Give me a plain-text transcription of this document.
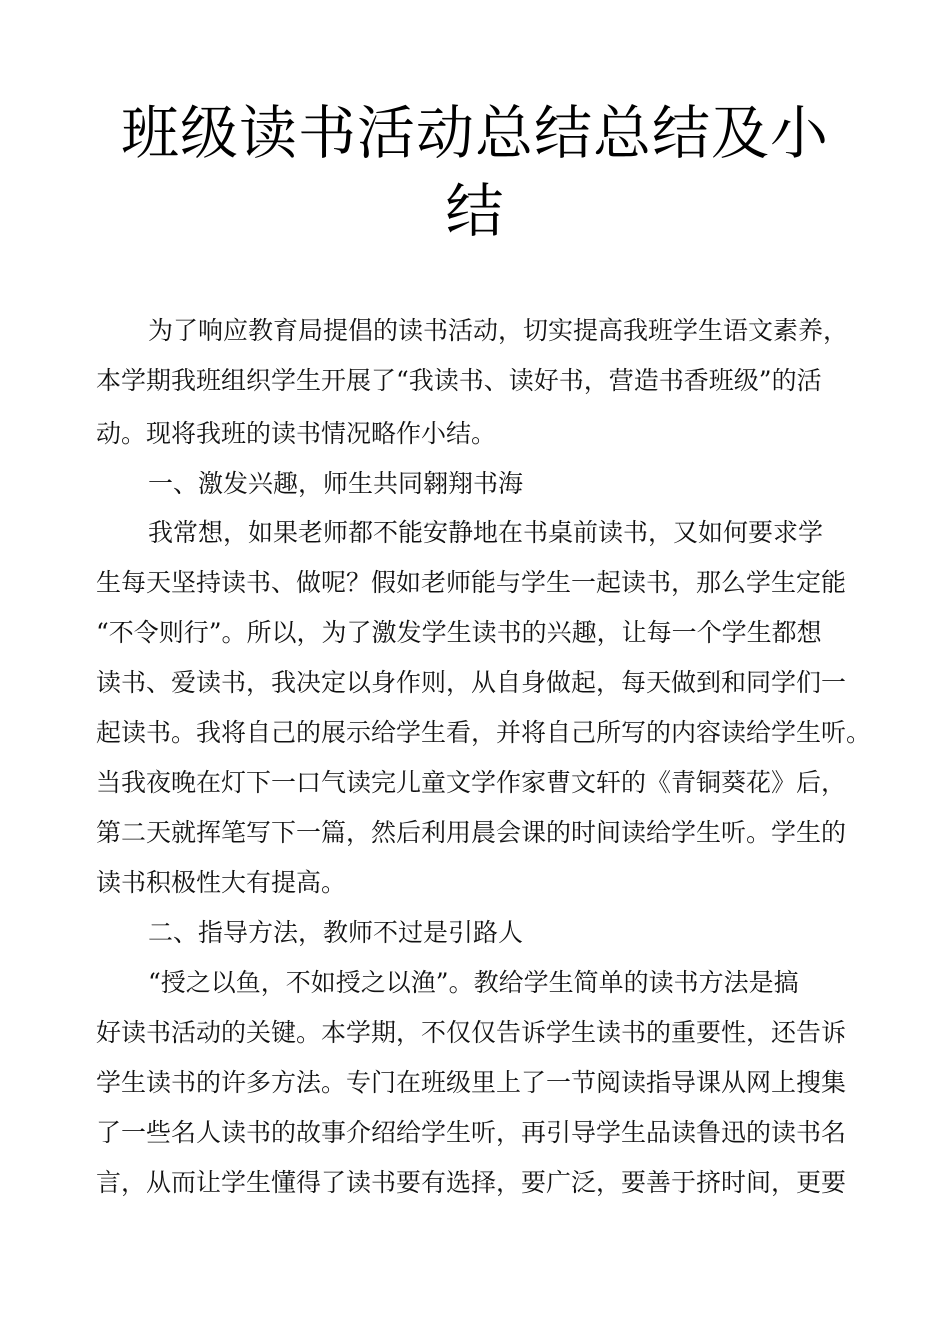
班级读书活动总结总结及小
结

为了响应教育局提倡的读书活动，切实提高我班学生语文素养，

本学期我班组织学生开展了“我读书、读好书，营造书香班级”的活

动。现将我班的读书情况略作小结。

一、激发兴趣，师生共同翱翔书海

我常想，如果老师都不能安静地在书桌前读书，又如何要求学

生每天坚持读书、做呢？假如老师能与学生一起读书，那么学生定能

“不令则行”。所以，为了激发学生读书的兴趣，让每一个学生都想

读书、爱读书，我决定以身作则，从自身做起，每天做到和同学们一

起读书。我将自己的展示给学生看，并将自己所写的内容读给学生听。

当我夜晚在灯下一口气读完儿童文学作家曹文轩的《青铜葵花》后，

第二天就挥笔写下一篇，然后利用晨会课的时间读给学生听。学生的

读书积极性大有提高。

二、指导方法，教师不过是引路人

“授之以鱼，不如授之以渔”。教给学生简单的读书方法是搞

好读书活动的关键。本学期，不仅仅告诉学生读书的重要性，还告诉

学生读书的许多方法。专门在班级里上了一节阅读指导课从网上搜集

了一些名人读书的故事介绍给学生听，再引导学生品读鲁迅的读书名

言，从而让学生懂得了读书要有选择，要广泛，要善于挤时间，更要
